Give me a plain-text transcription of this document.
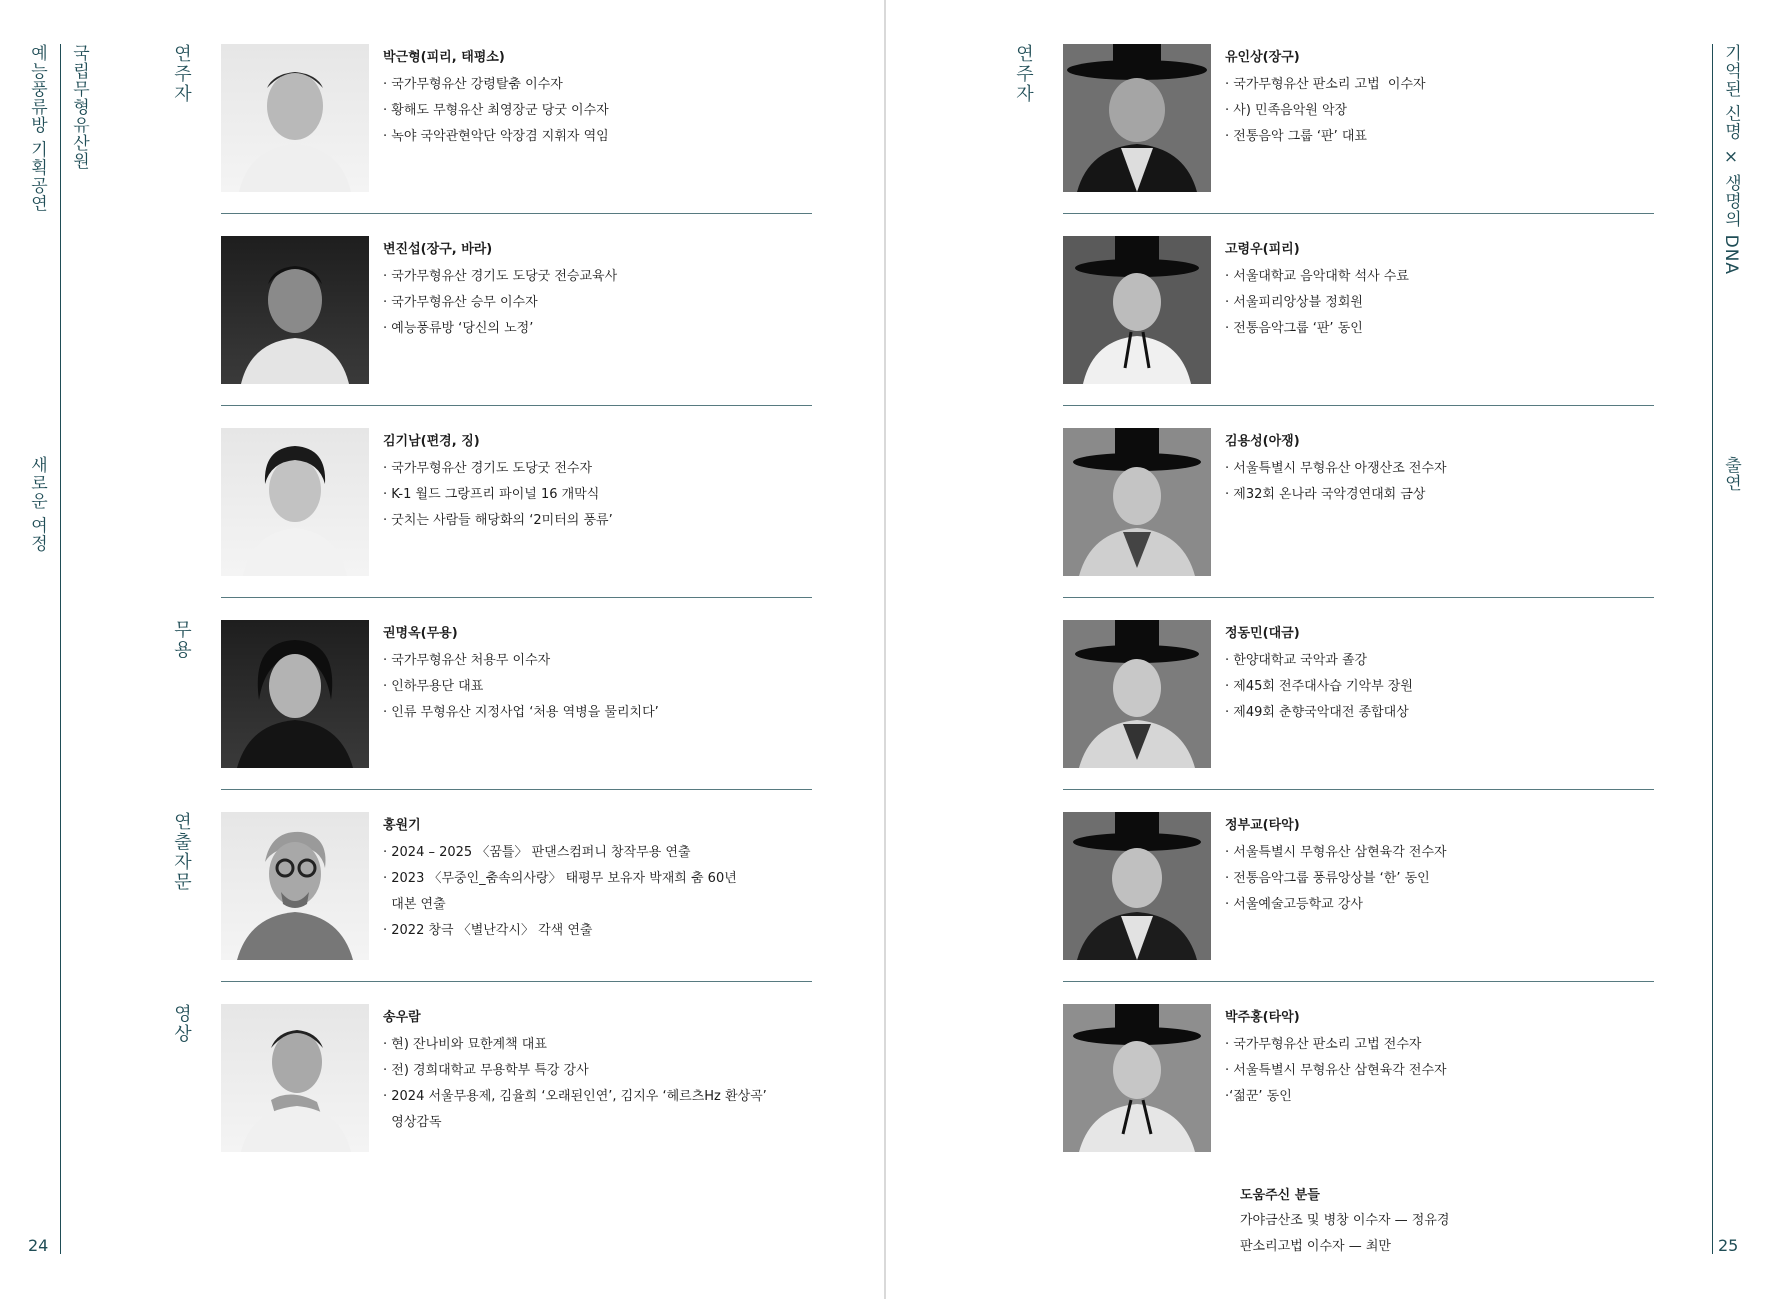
예능풍류방 기획공연 국립무형유산원
새로운 여정
24
연주자
무용
연출자문
영상

박근형(피리, 태평소)

· 국가무형유산 강령탈춤 이수자

· 황해도 무형유산 최영장군 당굿 이수자

· 녹야 국악관현악단 악장겸 지휘자 역임

변진섭(장구, 바라)

· 국가무형유산 경기도 도당굿 전승교육사

· 국가무형유산 승무 이수자

· 예능풍류방 ‘당신의 노정’

김기남(편경, 징)

· 국가무형유산 경기도 도당굿 전수자

· K-1 월드 그랑프리 파이널 16 개막식

· 굿치는 사람들 해당화의 ‘2미터의 풍류’

권명옥(무용)

· 국가무형유산 처용무 이수자

· 인하무용단 대표

· 인류 무형유산 지정사업 ‘처용 역병을 물리치다’

홍원기

· 2024 – 2025 〈꿈틀〉 판댄스컴퍼니 창작무용 연출

· 2023 〈무중인_춤속의사랑〉 태평무 보유자 박재희 춤 60년

대본 연출

· 2022 창극 〈별난각시〉 각색 연출

송우람

· 현) 잔나비와 묘한계책 대표

· 전) 경희대학교 무용학부 특강 강사

· 2024 서울무용제, 김율희 ‘오래된인연’, 김지우 ‘헤르츠Hz 환상곡’

영상감독

기억된 신명 × 생명의 DNA
출연
25
연주자	유인상(장구)

· 국가무형유산 판소리 고법  이수자

· 사) 민족음악원 악장

· 전통음악 그룹 ‘판’ 대표

고령우(피리)

· 서울대학교 음악대학 석사 수료

· 서울피리앙상블 정회원

· 전통음악그룹 ‘판’ 동인

김용성(아쟁)

· 서울특별시 무형유산 아쟁산조 전수자

· 제32회 온나라 국악경연대회 금상

정동민(대금)

· 한양대학교 국악과 졸강

· 제45회 전주대사습 기악부 장원

· 제49회 춘향국악대전 종합대상

정부교(타악)

· 서울특별시 무형유산 삼현육각 전수자

· 전통음악그룹 풍류앙상블 ‘한’ 동인

· 서울예술고등학교 강사

박주홍(타악)

· 국가무형유산 판소리 고법 전수자

· 서울특별시 무형유산 삼현육각 전수자

·‘젊꾼’ 동인

도움주신 분들

가야금산조 및 병창 이수자 — 정유경

판소리고법 이수자 — 최만
